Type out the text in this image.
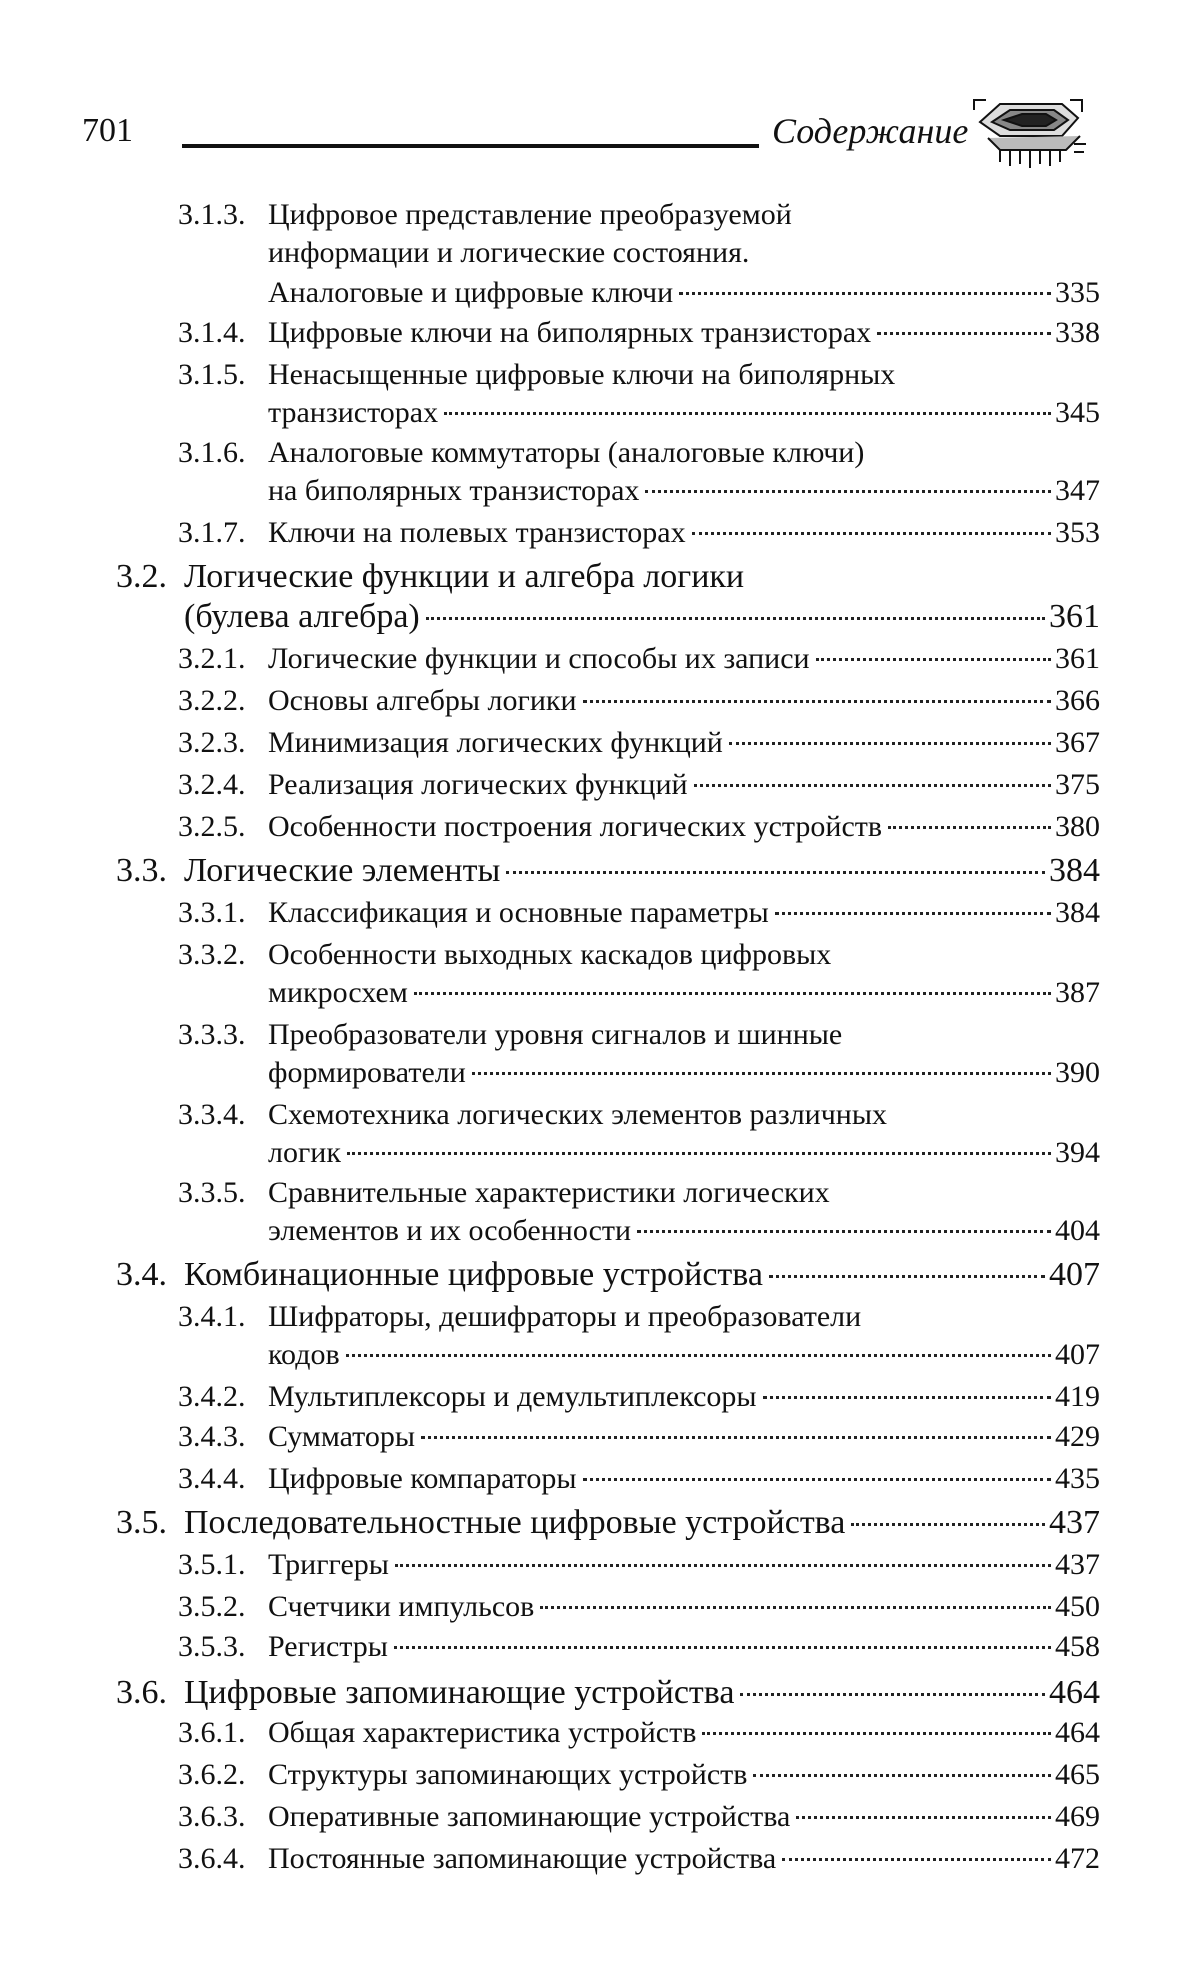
701	Содержание
3.1.3. Цифровое представление преобразуемой
информации и логические состояния.
Аналоговые и цифровые ключи	335
3.1.4. Цифровые ключи на биполярных транзисторах	338
3.1.5. Ненасыщенные цифровые ключи на биполярных
транзисторах	345
3.1.6. Аналоговые коммутаторы (аналоговые ключи)
на биполярных транзисторах	347
3.1.7. Ключи на полевых транзисторах	353
3.2. Логические функции и алгебра логики
(булева алгебра)	361
3.2.1. Логические функции и способы их записи	361
3.2.2. Основы алгебры логики	366
3.2.3. Минимизация логических функций	367
3.2.4. Реализация логических функций	375
3.2.5. Особенности построения логических устройств	380
3.3. Логические элементы	384
3.3.1. Классификация и основные параметры	384
3.3.2. Особенности выходных каскадов цифровых
микросхем	387
3.3.3. Преобразователи уровня сигналов и шинные
формирователи	390
3.3.4. Схемотехника логических элементов различных
логик	394
3.3.5. Сравнительные характеристики логических
элементов и их особенности	404
3.4. Комбинационные цифровые устройства	407
3.4.1. Шифраторы, дешифраторы и преобразователи
кодов	407
3.4.2. Мультиплексоры и демультиплексоры	419
3.4.3. Сумматоры	429
3.4.4. Цифровые компараторы	435
3.5. Последовательностные цифровые устройства	437
3.5.1. Триггеры	437
3.5.2. Счетчики импульсов	450
3.5.3. Регистры	458
3.6. Цифровые запоминающие устройства	464
3.6.1. Общая характеристика устройств	464
3.6.2. Структуры запоминающих устройств	465
3.6.3. Оперативные запоминающие устройства	469
3.6.4. Постоянные запоминающие устройства	472
